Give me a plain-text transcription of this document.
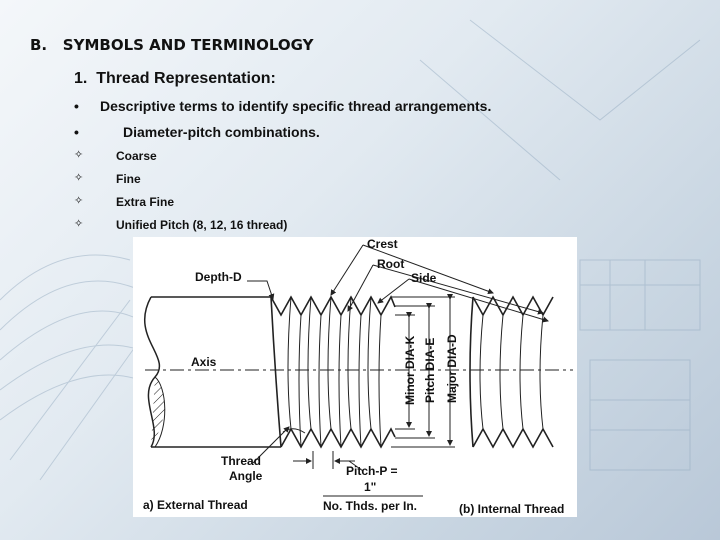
B.   SYMBOLS AND TERMINOLOGY
1.  Thread Representation:
• Descriptive terms to identify specific thread arrangements.
•	Diameter-pitch combinations.
✧	Coarse
✧	Fine
✧	Extra Fine
✧	Unified Pitch (8, 12, 16 thread)
Crest
Root
Side
Depth-D
Axis
Thread
Angle	Pitch-P =
1"
No. Thds. per In.
a) External Thread	(b) Internal Thread
Minor DIA-K Pitch DIA-E Major DIA-D
